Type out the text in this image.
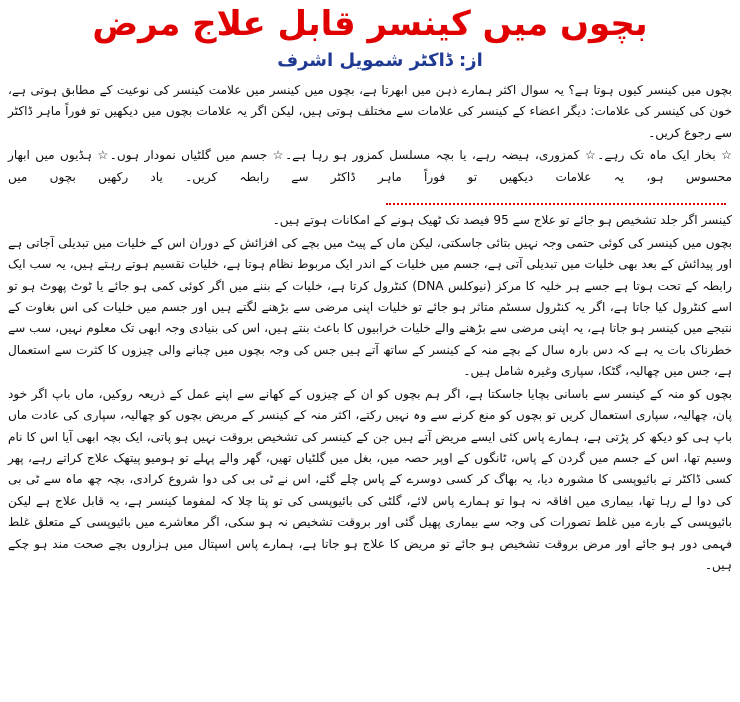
بچوں میں کینسر قابل علاج مرض
از: ڈاکٹر شمویل اشرف

بچوں میں کینسر کیوں ہوتا ہے؟ یہ سوال اکثر ہمارے ذہن میں ابھرتا ہے، بچوں میں کینسر میں علامت کینسر کی نوعیت کے مطابق ہوتی ہے، خون کی کینسر کی علامات: دیگر اعضاء کے کینسر کی علامات سے مختلف ہوتی ہیں، لیکن اگر یہ علامات بچوں میں دیکھیں تو فوراً ماہر ڈاکٹر سے رجوع کریں۔

☆ بخار ایک ماہ تک رہے۔☆ کمزوری، ہیضہ رہے، یا بچہ مسلسل کمزور ہو رہا ہے۔☆ جسم میں گلٹیاں نمودار ہوں۔☆ ہڈیوں میں ابھار محسوس ہو، یہ علامات دیکھیں تو فوراً ماہر ڈاکٹر سے رابطہ کریں۔ یاد رکھیں بچوں میں

کینسر اگر جلد تشخیص ہو جائے تو علاج سے 95 فیصد تک ٹھیک ہونے کے امکانات ہوتے ہیں۔

بچوں میں کینسر کی کوئی حتمی وجہ نہیں بتائی جاسکتی، لیکن ماں کے پیٹ میں بچے کی افزائش کے دوران اس کے خلیات میں تبدیلی آجاتی ہے اور پیدائش کے بعد بھی خلیات میں تبدیلی آتی ہے، جسم میں خلیات کے اندر ایک مربوط نظام ہوتا ہے، خلیات تقسیم ہوتے رہتے ہیں، یہ سب ایک رابطہ کے تحت ہوتا ہے جسے ہر خلیہ کا مرکز (نیوکلس DNA) کنٹرول کرتا ہے، خلیات کے بننے میں اگر کوئی کمی ہو جائے یا ٹوٹ پھوٹ ہو تو اسے کنٹرول کیا جاتا ہے، اگر یہ کنٹرول سسٹم متاثر ہو جائے تو خلیات اپنی مرضی سے بڑھنے لگتے ہیں اور جسم میں خلیات کی اس بغاوت کے نتیجے میں کینسر ہو جاتا ہے، یہ اپنی مرضی سے بڑھنے والے خلیات خرابیوں کا باعث بنتے ہیں، اس کی بنیادی وجہ ابھی تک معلوم نہیں، سب سے خطرناک بات یہ ہے کہ دس بارہ سال کے بچے منہ کے کینسر کے ساتھ آتے ہیں جس کی وجہ بچوں میں چبانے والی چیزوں کا کثرت سے استعمال ہے، جس میں چھالیہ، گٹکا، سپاری وغیرہ شامل ہیں۔

بچوں کو منہ کے کینسر سے باسانی بچایا جاسکتا ہے، اگر ہم بچوں کو ان کے چیزوں کے کھانے سے اپنے عمل کے ذریعہ روکیں، ماں باپ اگر خود پان، چھالیہ، سپاری استعمال کریں تو بچوں کو منع کرنے سے وہ نہیں رکتے، اکثر منہ کے کینسر کے مریض بچوں کو چھالیہ، سپاری کی عادت ماں باپ ہی کو دیکھ کر پڑتی ہے، ہمارے پاس کئی ایسے مریض آتے ہیں جن کے کینسر کی تشخیص بروقت نہیں ہو پاتی، ایک بچہ ابھی آیا اس کا نام وسیم تھا، اس کے جسم میں گردن کے پاس، ٹانگوں کے اوپر حصہ میں، بغل میں گلٹیاں تھیں، گھر والے پہلے تو ہومیو پیتھک علاج کراتے رہے، پھر کسی ڈاکٹر نے بائیوپسی کا مشورہ دیا، یہ بھاگ کر کسی دوسرے کے پاس چلے گئے، اس نے ٹی بی کی دوا شروع کرادی، بچہ چھ ماہ سے ٹی بی کی دوا لے رہا تھا، بیماری میں افاقہ نہ ہوا تو ہمارے پاس لائے، گلٹی کی بائیوپسی کی تو پتا چلا کہ لمفوما کینسر ہے، یہ قابل علاج ہے لیکن بائیوپسی کے بارے میں غلط تصورات کی وجہ سے بیماری پھیل گئی اور بروقت تشخیص نہ ہو سکی، اگر معاشرے میں بائیوپسی کے متعلق غلط فہمی دور ہو جائے اور مرض بروقت تشخیص ہو جائے تو مریض کا علاج ہو جاتا ہے، ہمارے پاس اسپتال میں ہزاروں بچے صحت مند ہو چکے ہیں۔
